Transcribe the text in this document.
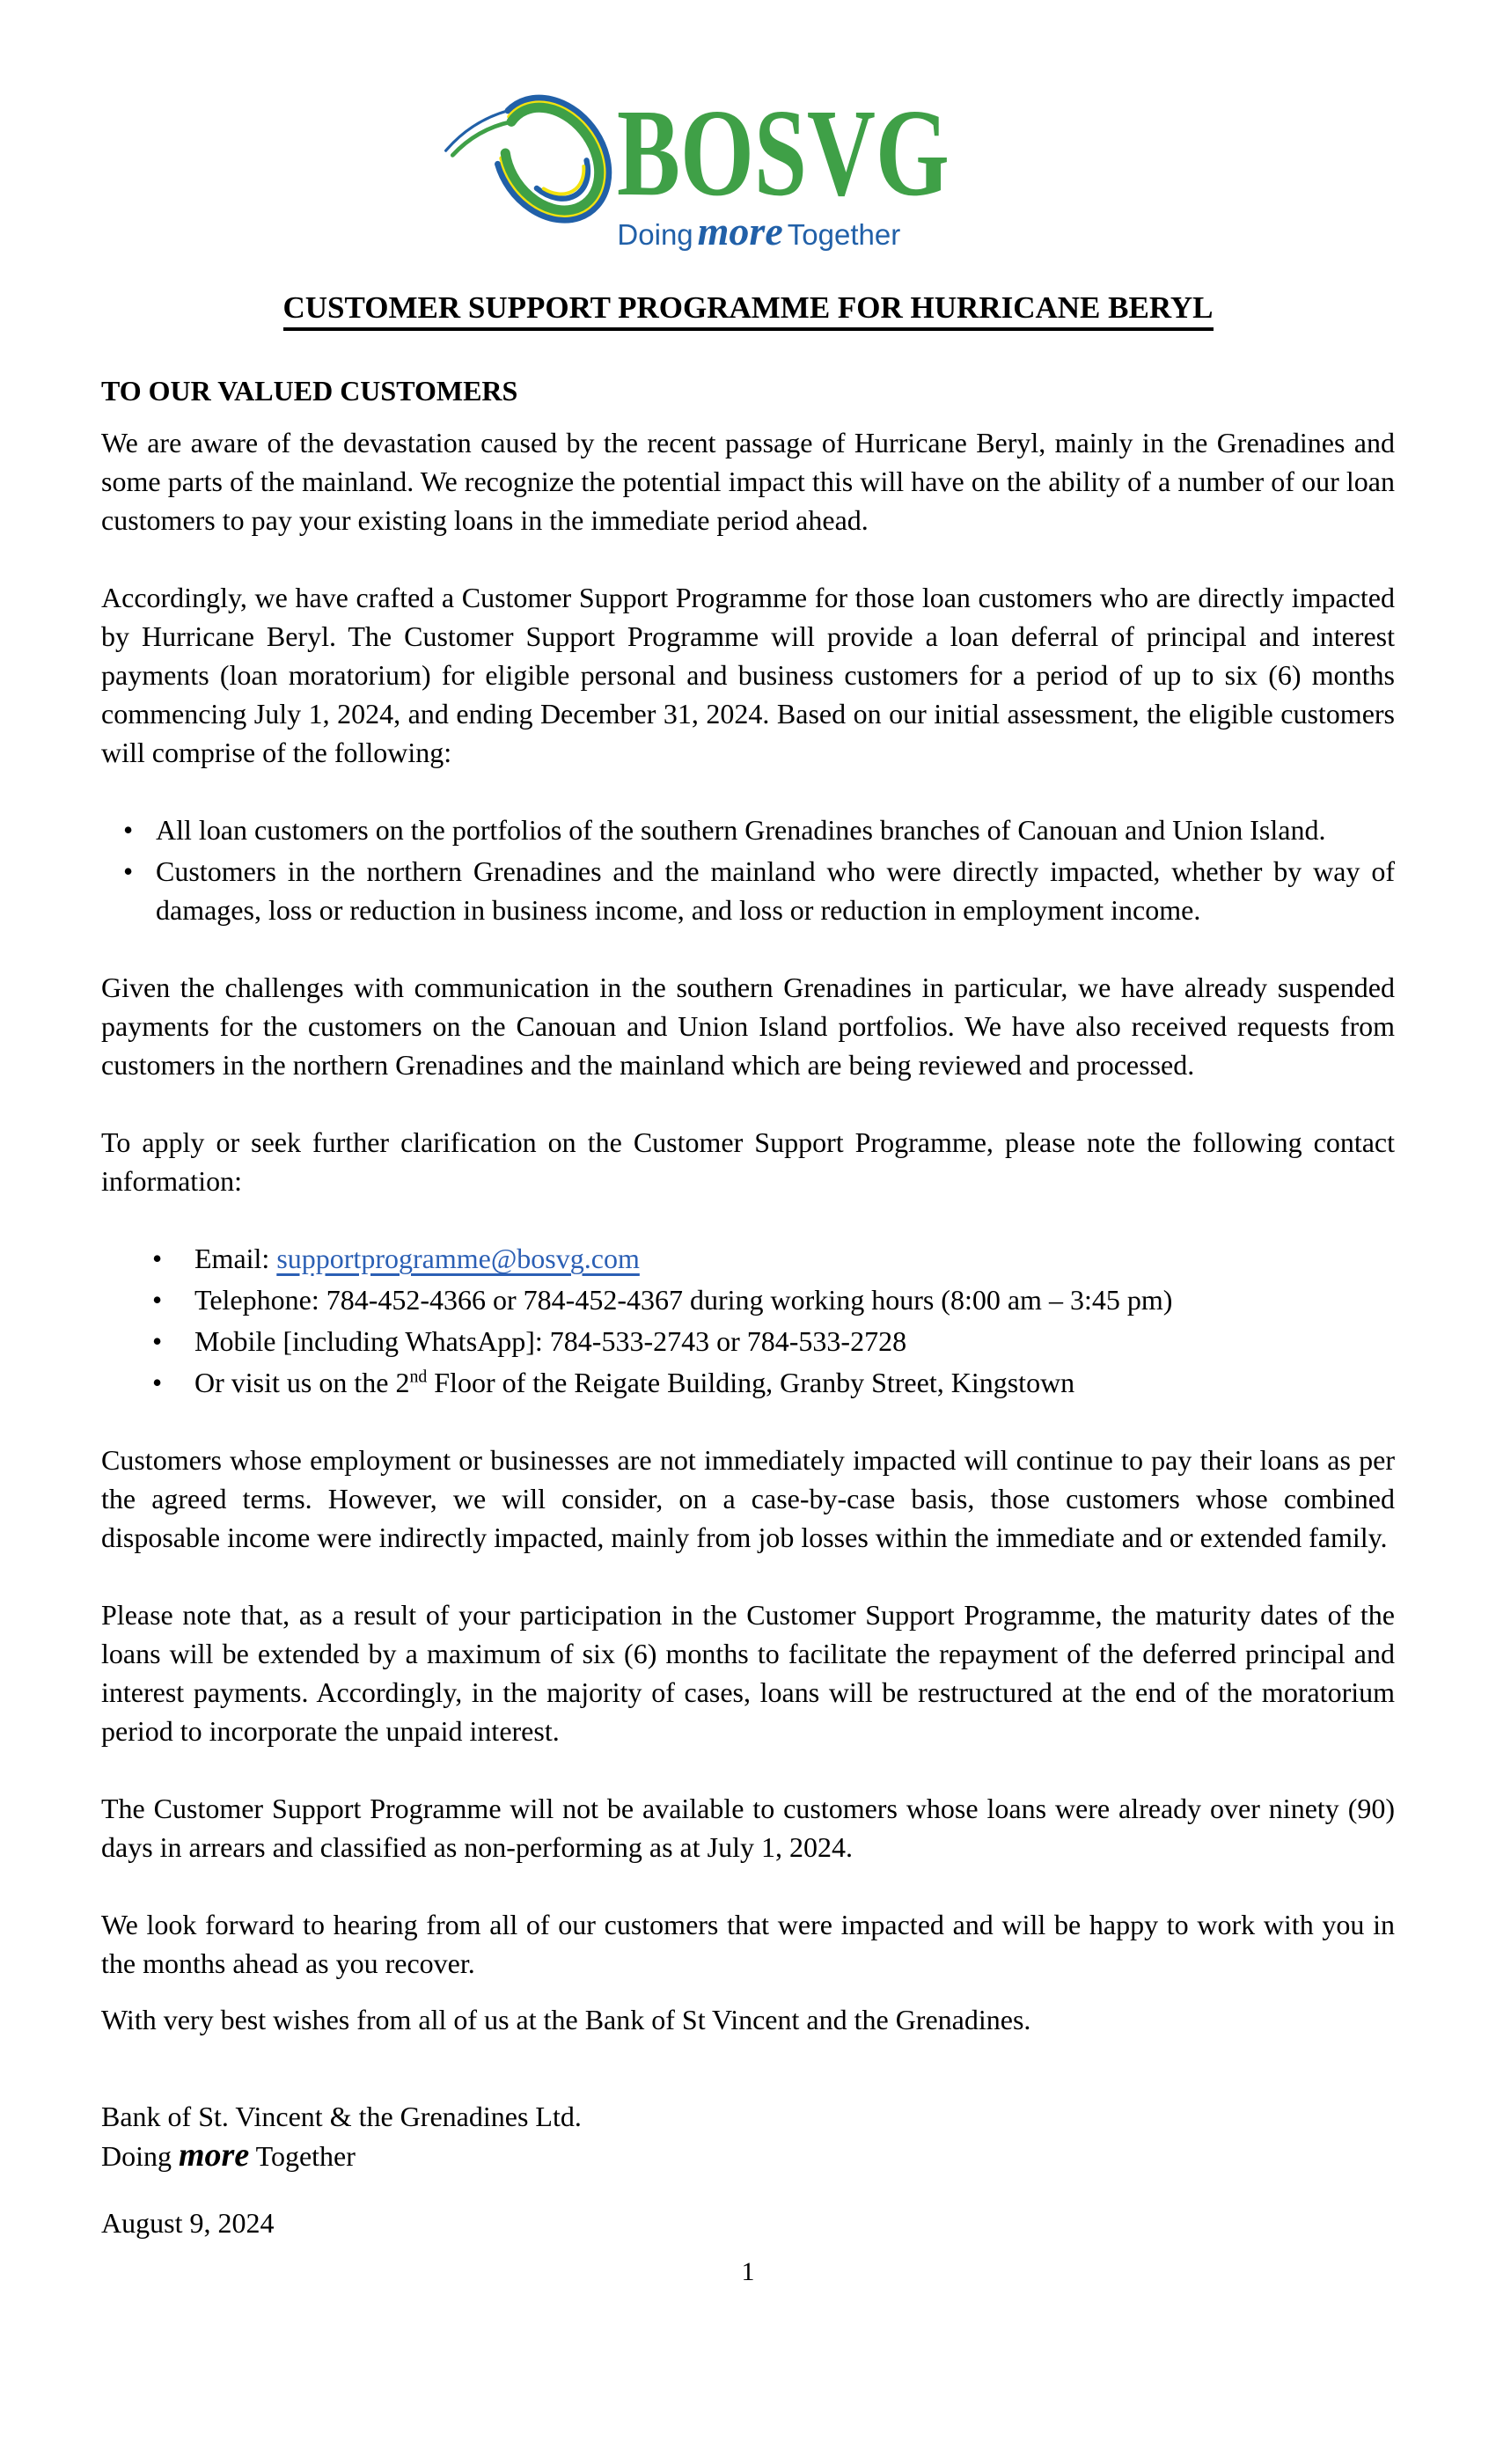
BOSVG
Doing more Together
CUSTOMER SUPPORT PROGRAMME FOR HURRICANE BERYL
TO OUR VALUED CUSTOMERS

We are aware of the devastation caused by the recent passage of Hurricane Beryl, mainly in the Grenadines and some parts of the mainland. We recognize the potential impact this will have on the ability of a number of our loan customers to pay your existing loans in the immediate period ahead.

Accordingly, we have crafted a Customer Support Programme for those loan customers who are directly impacted by Hurricane Beryl. The Customer Support Programme will provide a loan deferral of principal and interest payments (loan moratorium) for eligible personal and business customers for a period of up to six (6) months commencing July 1, 2024, and ending December 31, 2024. Based on our initial assessment, the eligible customers will comprise of the following:

• All loan customers on the portfolios of the southern Grenadines branches of Canouan and Union Island.
• Customers in the northern Grenadines and the mainland who were directly impacted, whether by way of damages, loss or reduction in business income, and loss or reduction in employment income.

Given the challenges with communication in the southern Grenadines in particular, we have already suspended payments for the customers on the Canouan and Union Island portfolios. We have also received requests from customers in the northern Grenadines and the mainland which are being reviewed and processed.

To apply or seek further clarification on the Customer Support Programme, please note the following contact information:

• Email: supportprogramme@bosvg.com
• Telephone: 784-452-4366 or 784-452-4367 during working hours (8:00 am – 3:45 pm)
• Mobile [including WhatsApp]: 784-533-2743 or 784-533-2728
• Or visit us on the 2nd Floor of the Reigate Building, Granby Street, Kingstown

Customers whose employment or businesses are not immediately impacted will continue to pay their loans as per the agreed terms. However, we will consider, on a case-by-case basis, those customers whose combined disposable income were indirectly impacted, mainly from job losses within the immediate and or extended family.

Please note that, as a result of your participation in the Customer Support Programme, the maturity dates of the loans will be extended by a maximum of six (6) months to facilitate the repayment of the deferred principal and interest payments. Accordingly, in the majority of cases, loans will be restructured at the end of the moratorium period to incorporate the unpaid interest.

The Customer Support Programme will not be available to customers whose loans were already over ninety (90) days in arrears and classified as non-performing as at July 1, 2024.

We look forward to hearing from all of our customers that were impacted and will be happy to work with you in the months ahead as you recover.

With very best wishes from all of us at the Bank of St Vincent and the Grenadines.

Bank of St. Vincent & the Grenadines Ltd.
Doing more Together
August 9, 2024
1
